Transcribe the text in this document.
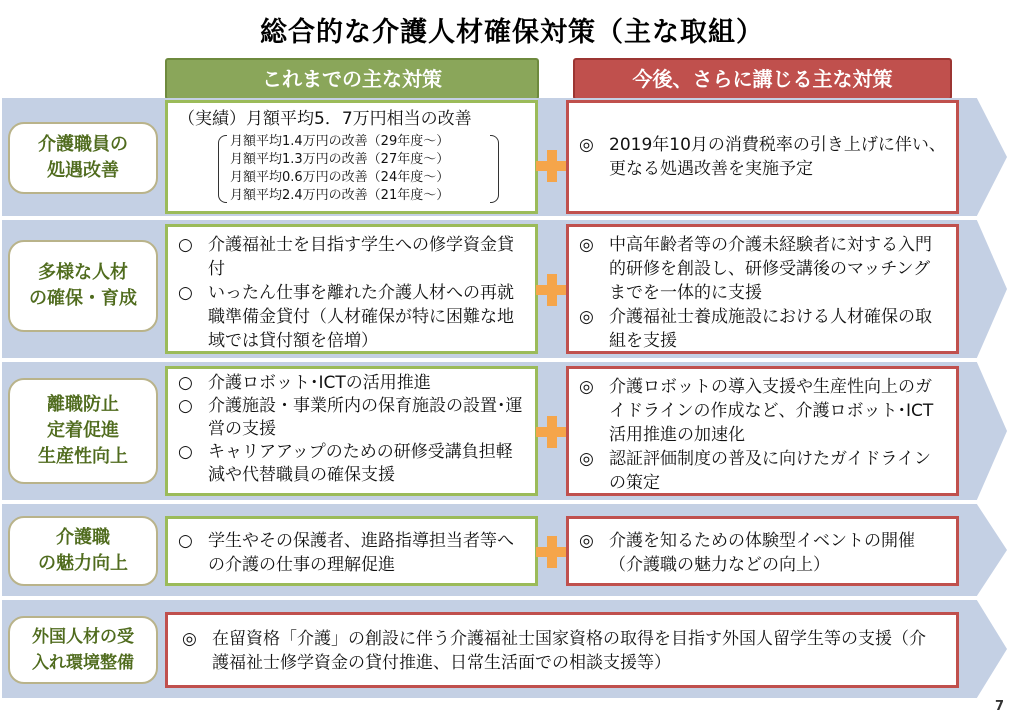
総合的な介護人材確保対策（主な取組）
これまでの主な対策	今後、さらに講じる主な対策
介護職員の
処遇改善
（実績）月額平均5．7万円相当の改善
月額平均1.4万円の改善（29年度～）
月額平均1.3万円の改善（27年度～）
月額平均0.6万円の改善（24年度～）
月額平均2.4万円の改善（21年度～）
◎ 2019年10月の消費税率の引き上げに伴い、更なる処遇改善を実施予定
多様な人材
の確保・育成
○ 介護福祉士を目指す学生への修学資金貸付
○ いったん仕事を離れた介護人材への再就職準備金貸付（人材確保が特に困難な地域では貸付額を倍増）
◎ 中高年齢者等の介護未経験者に対する入門的研修を創設し、研修受講後のマッチングまでを一体的に支援
◎ 介護福祉士養成施設における人材確保の取組を支援
離職防止
定着促進
生産性向上
○ 介護ロボット･ICTの活用推進
○ 介護施設・事業所内の保育施設の設置･運営の支援
○ キャリアアップのための研修受講負担軽減や代替職員の確保支援
◎ 介護ロボットの導入支援や生産性向上のガイドラインの作成など、介護ロボット･ICT活用推進の加速化
◎ 認証評価制度の普及に向けたガイドラインの策定
介護職
の魅力向上
○ 学生やその保護者、進路指導担当者等への介護の仕事の理解促進
◎ 介護を知るための体験型イベントの開催（介護職の魅力などの向上）
外国人材の受
入れ環境整備
◎ 在留資格「介護」の創設に伴う介護福祉士国家資格の取得を目指す外国人留学生等の支援（介護福祉士修学資金の貸付推進、日常生活面での相談支援等）
7
